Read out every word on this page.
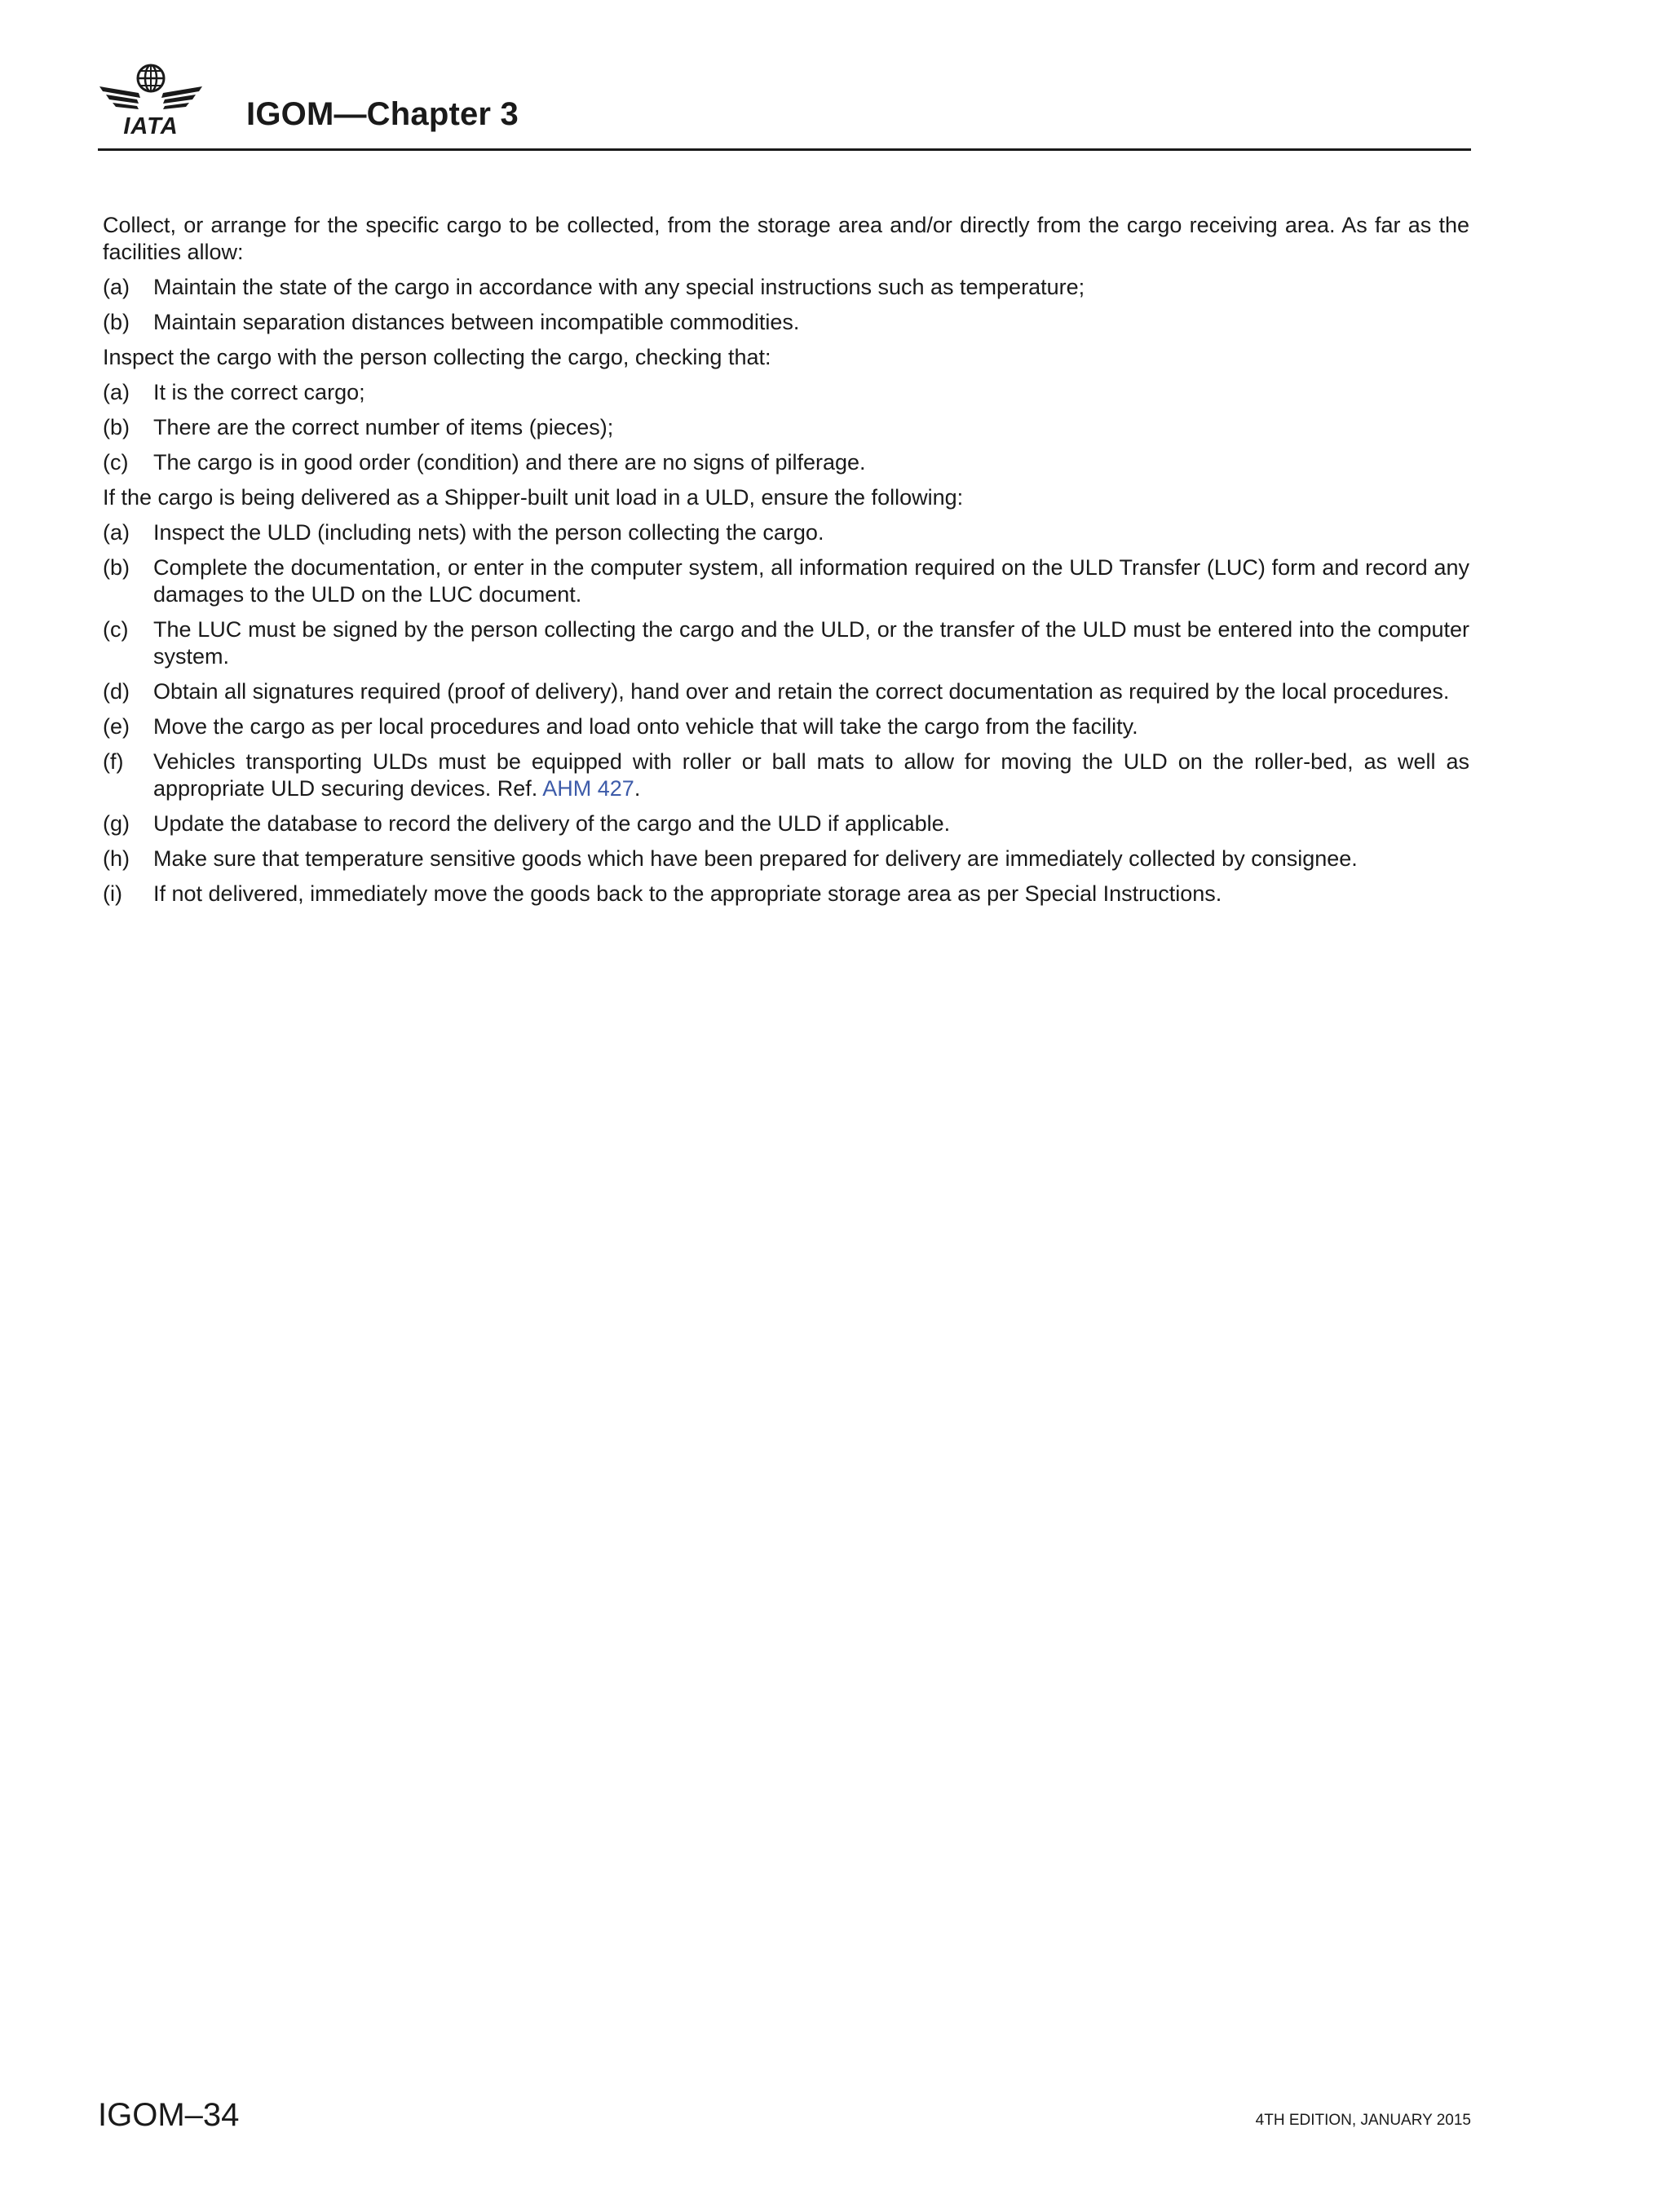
IATA IGOM—Chapter 3

Collect, or arrange for the specific cargo to be collected, from the storage area and/or directly from the cargo receiving area. As far as the facilities allow:

(a)	Maintain the state of the cargo in accordance with any special instructions such as temperature;
(b)	Maintain separation distances between incompatible commodities.

Inspect the cargo with the person collecting the cargo, checking that:

(a)	It is the correct cargo;
(b)	There are the correct number of items (pieces);
(c)	The cargo is in good order (condition) and there are no signs of pilferage.

If the cargo is being delivered as a Shipper-built unit load in a ULD, ensure the following:

(a)	Inspect the ULD (including nets) with the person collecting the cargo.
(b)	Complete the documentation, or enter in the computer system, all information required on the ULD Transfer (LUC) form and record any damages to the ULD on the LUC document.
(c)	The LUC must be signed by the person collecting the cargo and the ULD, or the transfer of the ULD must be entered into the computer system.
(d)	Obtain all signatures required (proof of delivery), hand over and retain the correct documentation as required by the local procedures.
(e)	Move the cargo as per local procedures and load onto vehicle that will take the cargo from the facility.
(f)	Vehicles transporting ULDs must be equipped with roller or ball mats to allow for moving the ULD on the roller-bed, as well as appropriate ULD securing devices. Ref. AHM 427.
(g)	Update the database to record the delivery of the cargo and the ULD if applicable.
(h)	Make sure that temperature sensitive goods which have been prepared for delivery are immediately collected by consignee.
(i)	If not delivered, immediately move the goods back to the appropriate storage area as per Special Instructions.
IGOM–34	4TH EDITION, JANUARY 2015
